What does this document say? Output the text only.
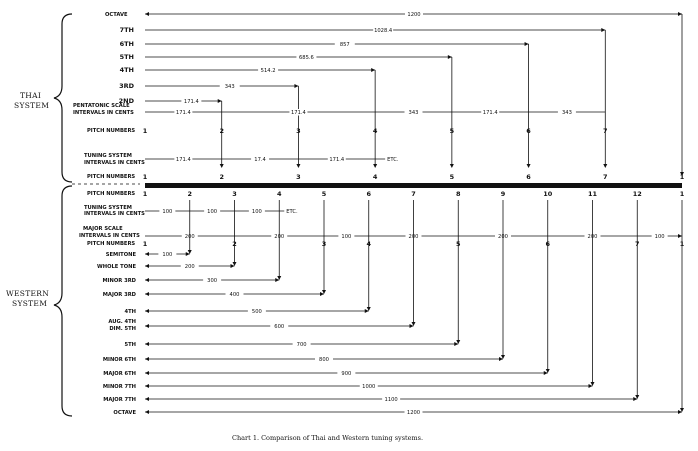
THAI
SYSTEM
WESTERN
SYSTEM
Chart 1. Comparison of Thai and Western tuning systems.
OCTAVE	1200
7TH	1028.4
6TH	857
5TH	685.6
4TH	514.2
3RD	343
2ND	171.4
PENTATONIC SCALE
INTERVALS IN CENTS	171.4	171.4	343	171.4	343
PITCH NUMBERS 1	2	3	4	5	6	7
TUNING SYSTEM
INTERVALS IN CENTS	171.4	17.4	171.4	ETC.
PITCH NUMBERS 1	2	3	4	5	6	7	1
PITCH NUMBERS 1	2	3	4	5	6	7	8	9	10	11	12	1
TUNING SYSTEM
INTERVALS IN CENTS	100	100	100	ETC.
MAJOR SCALE
INTERVALS IN CENTS	200	200	100	200	200	200	100
PITCH NUMBERS 1	2	3	4	5	6	7	1
SEMITONE	100
WHOLE TONE	200
MINOR 3RD	300
MAJOR 3RD	400
4TH	500
AUG. 4TH
DIM. 5TH	600
5TH	700
MINOR 6TH	800
MAJOR 6TH	900
MINOR 7TH	1000
MAJOR 7TH	1100
OCTAVE	1200
